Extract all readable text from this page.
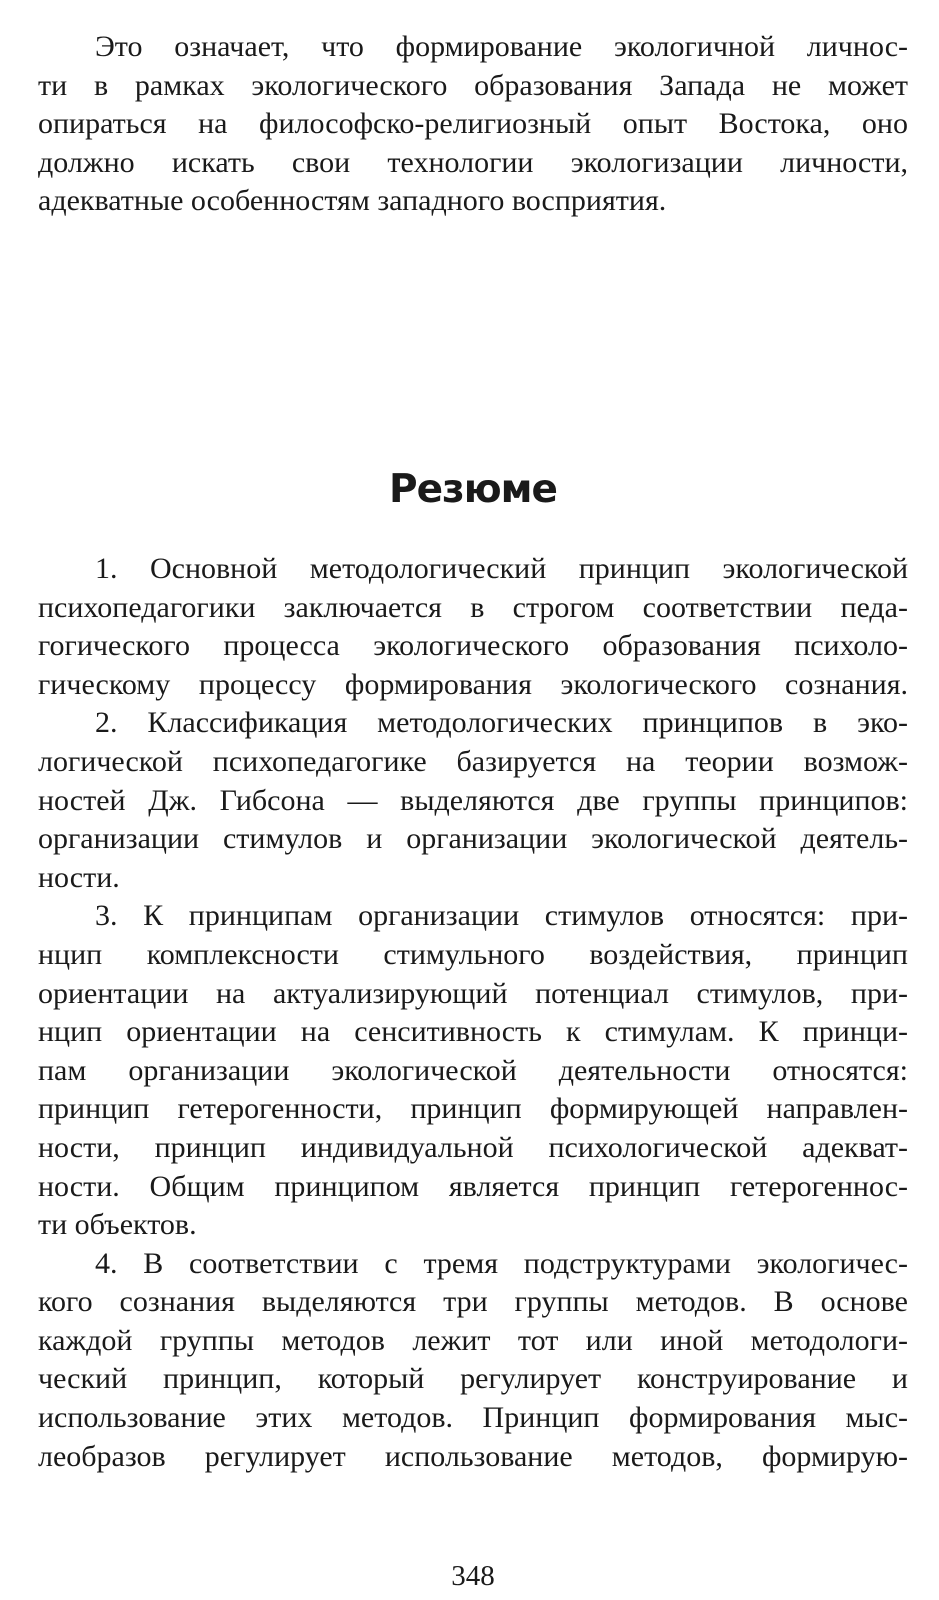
Это означает, что формирование экологичной личнос-
ти в рамках экологического образования Запада не может
опираться на философско-религиозный опыт Востока, оно
должно искать свои технологии экологизации личности,
адекватные особенностям западного восприятия.
Резюме
1. Основной методологический принцип экологической
психопедагогики заключается в строгом соответствии педа-
гогического процесса экологического образования психоло-
гическому процессу формирования экологического сознания.
2. Классификация методологических принципов в эко-
логической психопедагогике базируется на теории возмож-
ностей Дж. Гибсона — выделяются две группы принципов:
организации стимулов и организации экологической деятель-
ности.
3. К принципам организации стимулов относятся: при-
нцип комплексности стимульного воздействия, принцип
ориентации на актуализирующий потенциал стимулов, при-
нцип ориентации на сенситивность к стимулам. К принци-
пам организации экологической деятельности относятся:
принцип гетерогенности, принцип формирующей направлен-
ности, принцип индивидуальной психологической адекват-
ности. Общим принципом является принцип гетерогеннос-
ти объектов.
4. В соответствии с тремя подструктурами экологичес-
кого сознания выделяются три группы методов. В основе
каждой группы методов лежит тот или иной методологи-
ческий принцип, который регулирует конструирование и
использование этих методов. Принцип формирования мыс-
леобразов регулирует использование методов, формирую-
348
